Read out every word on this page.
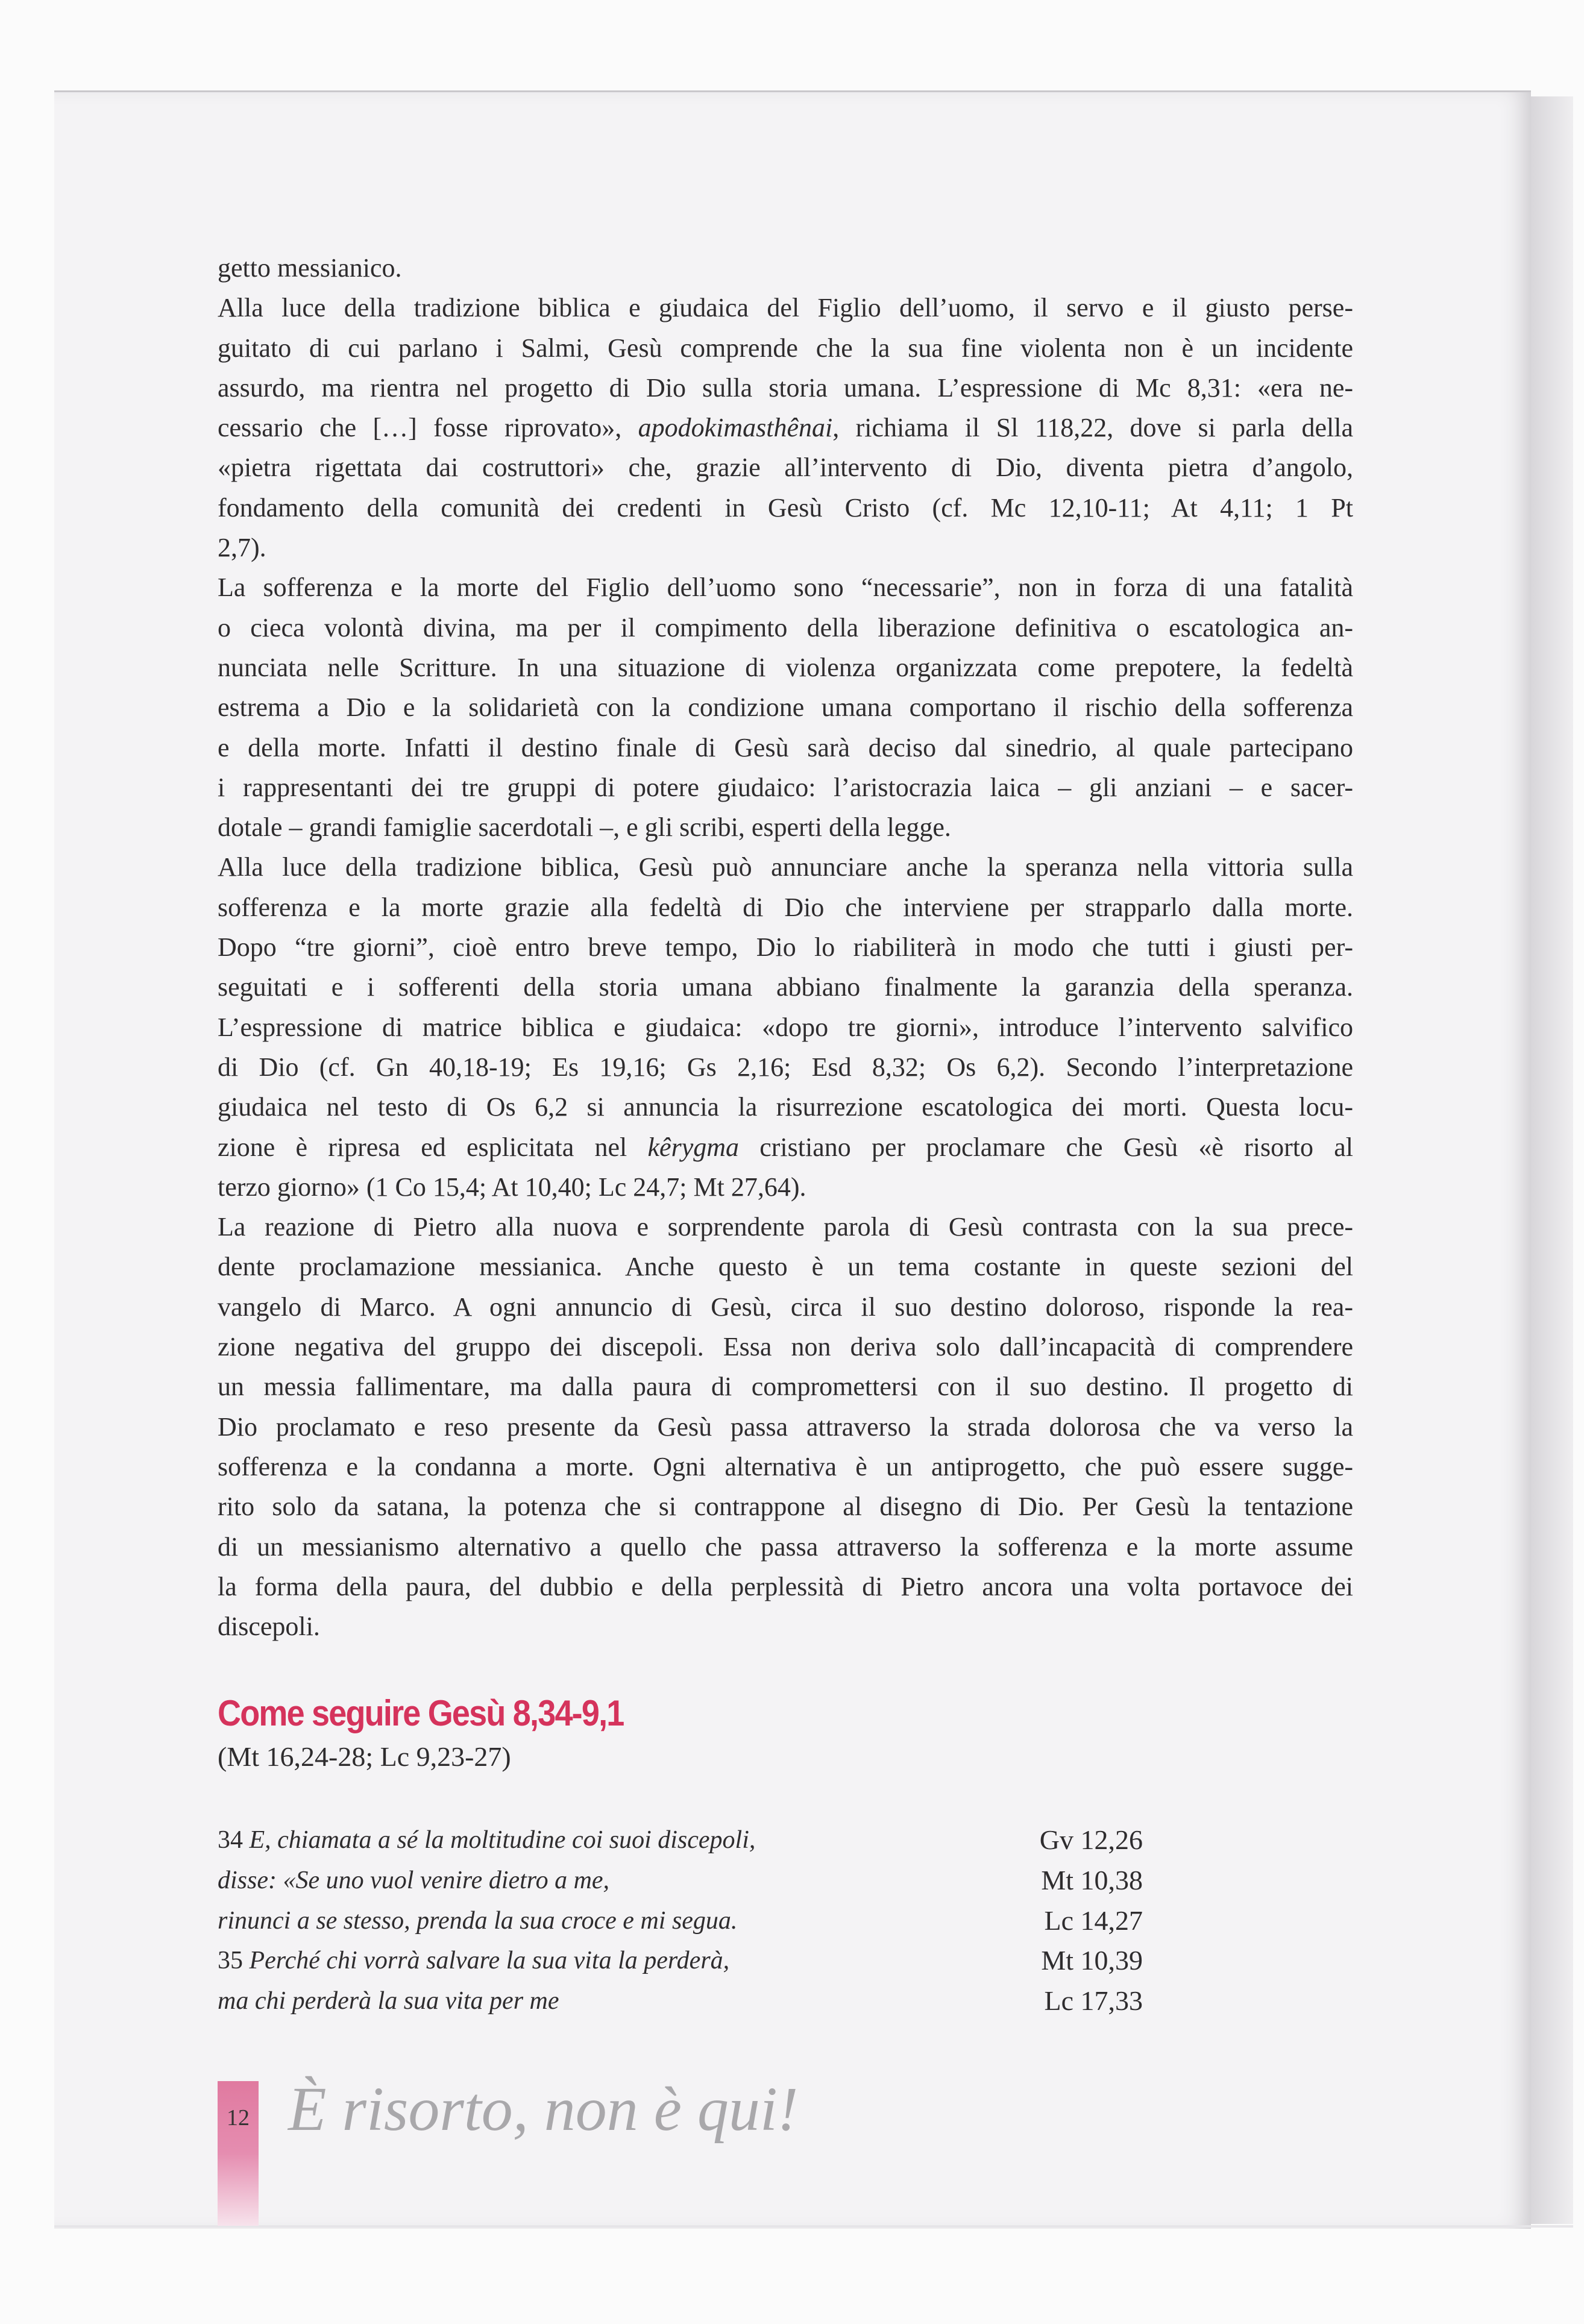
getto messianico.
Alla luce della tradizione biblica e giudaica del Figlio dell’uomo, il servo e il giusto perse-
guitato di cui parlano i Salmi, Gesù comprende che la sua fine violenta non è un incidente
assurdo, ma rientra nel progetto di Dio sulla storia umana. L’espressione di Mc 8,31: «era ne-
cessario che […] fosse riprovato», apodokimasthênai, richiama il Sl 118,22, dove si parla della
«pietra rigettata dai costruttori» che, grazie all’intervento di Dio, diventa pietra d’angolo,
fondamento della comunità dei credenti in Gesù Cristo (cf. Mc 12,10-11; At 4,11; 1 Pt
2,7).
La sofferenza e la morte del Figlio dell’uomo sono “necessarie”, non in forza di una fatalità
o cieca volontà divina, ma per il compimento della liberazione definitiva o escatologica an-
nunciata nelle Scritture. In una situazione di violenza organizzata come prepotere, la fedeltà
estrema a Dio e la solidarietà con la condizione umana comportano il rischio della sofferenza
e della morte. Infatti il destino finale di Gesù sarà deciso dal sinedrio, al quale partecipano
i rappresentanti dei tre gruppi di potere giudaico: l’aristocrazia laica – gli anziani – e sacer-
dotale – grandi famiglie sacerdotali –, e gli scribi, esperti della legge.
Alla luce della tradizione biblica, Gesù può annunciare anche la speranza nella vittoria sulla
sofferenza e la morte grazie alla fedeltà di Dio che interviene per strapparlo dalla morte.
Dopo “tre giorni”, cioè entro breve tempo, Dio lo riabiliterà in modo che tutti i giusti per-
seguitati e i sofferenti della storia umana abbiano finalmente la garanzia della speranza.
L’espressione di matrice biblica e giudaica: «dopo tre giorni», introduce l’intervento salvifico
di Dio (cf. Gn 40,18-19; Es 19,16; Gs 2,16; Esd 8,32; Os 6,2). Secondo l’interpretazione
giudaica nel testo di Os 6,2 si annuncia la risurrezione escatologica dei morti. Questa locu-
zione è ripresa ed esplicitata nel kêrygma cristiano per proclamare che Gesù «è risorto al
terzo giorno» (1 Co 15,4; At 10,40; Lc 24,7; Mt 27,64).
La reazione di Pietro alla nuova e sorprendente parola di Gesù contrasta con la sua prece-
dente proclamazione messianica. Anche questo è un tema costante in queste sezioni del
vangelo di Marco. A ogni annuncio di Gesù, circa il suo destino doloroso, risponde la rea-
zione negativa del gruppo dei discepoli. Essa non deriva solo dall’incapacità di comprendere
un messia fallimentare, ma dalla paura di compromettersi con il suo destino. Il progetto di
Dio proclamato e reso presente da Gesù passa attraverso la strada dolorosa che va verso la
sofferenza e la condanna a morte. Ogni alternativa è un antiprogetto, che può essere sugge-
rito solo da satana, la potenza che si contrappone al disegno di Dio. Per Gesù la tentazione
di un messianismo alternativo a quello che passa attraverso la sofferenza e la morte assume
la forma della paura, del dubbio e della perplessità di Pietro ancora una volta portavoce dei
discepoli.
Come seguire Gesù 8,34-9,1
(Mt 16,24-28; Lc 9,23-27)
34 E, chiamata a sé la moltitudine coi suoi discepoli,	Gv 12,26
disse: «Se uno vuol venire dietro a me,	Mt 10,38
rinunci a se stesso, prenda la sua croce e mi segua.	Lc 14,27
35 Perché chi vorrà salvare la sua vita la perderà,	Mt 10,39
ma chi perderà la sua vita per me	Lc 17,33
12 È risorto, non è qui!
